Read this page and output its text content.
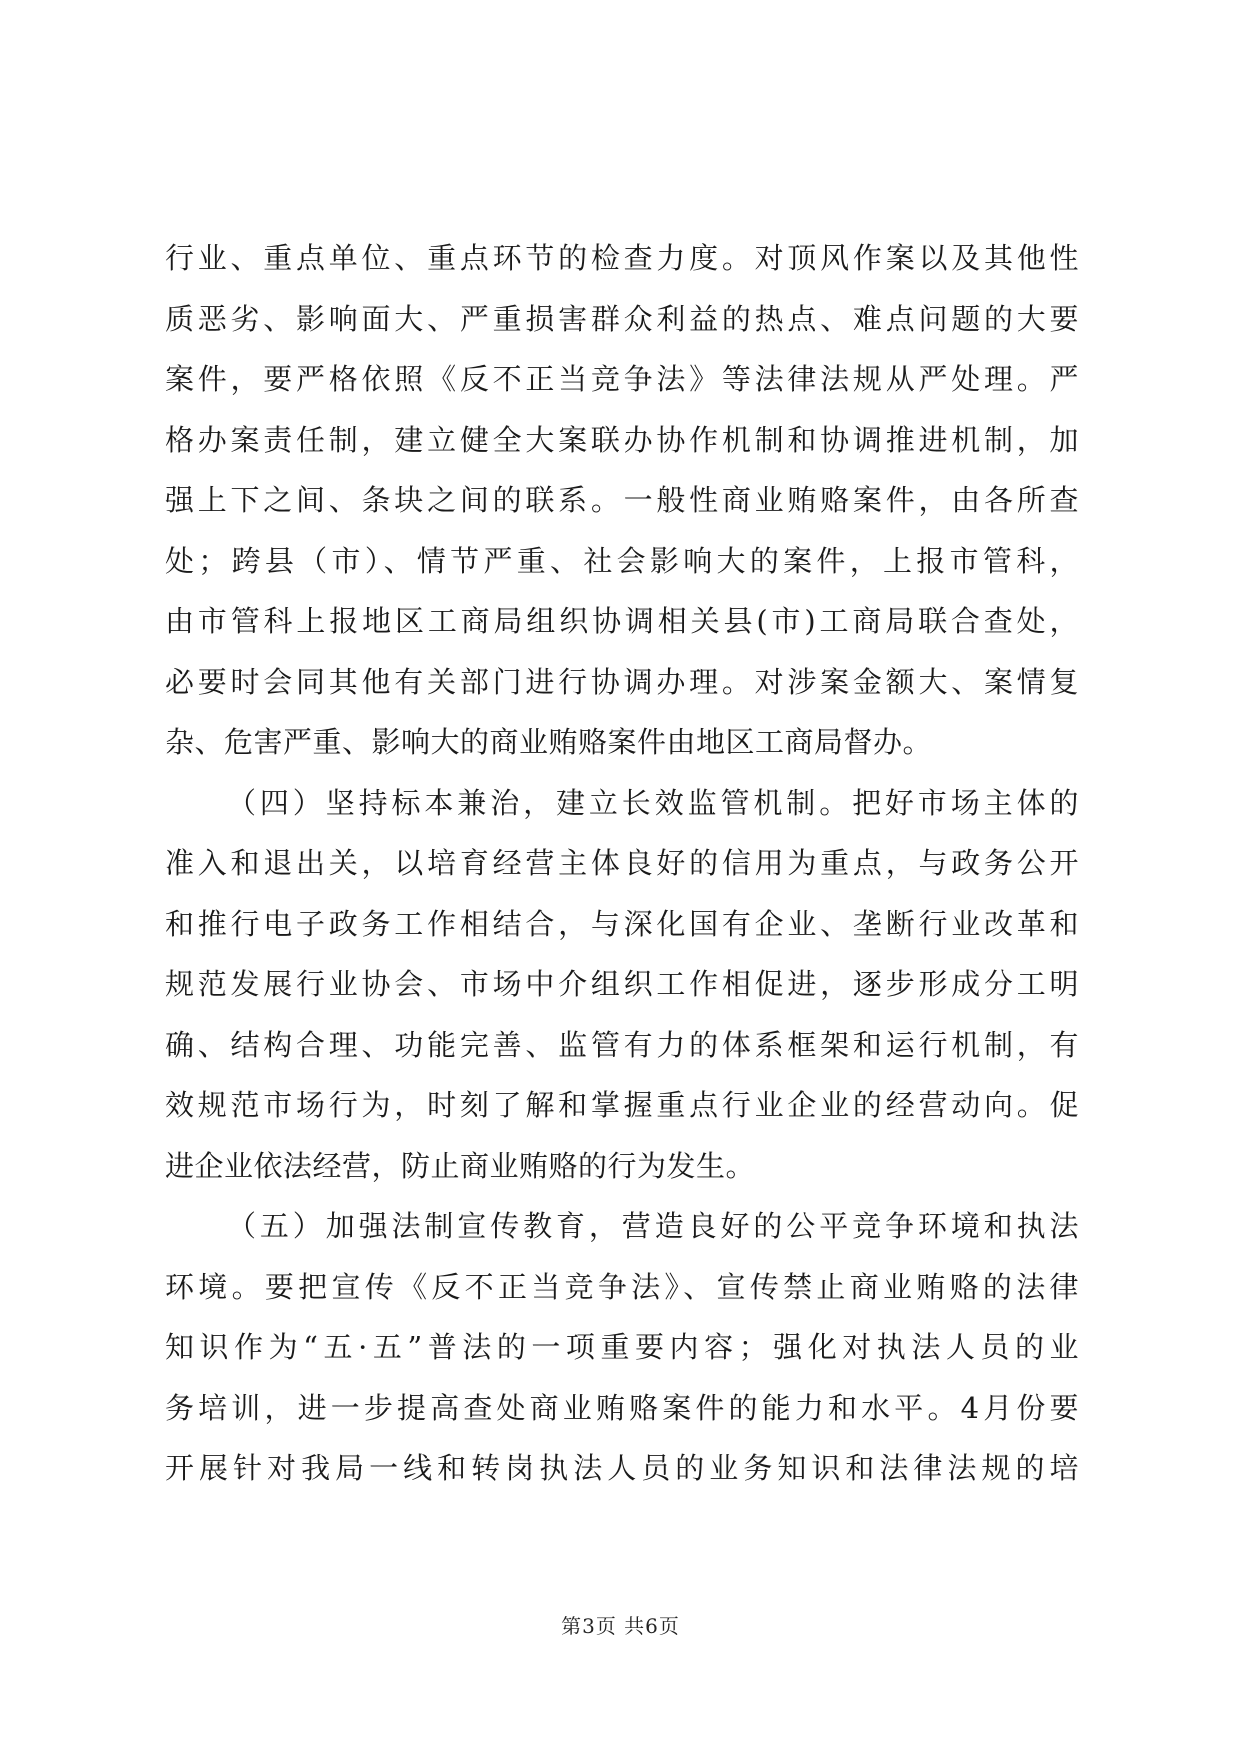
行业、重点单位、重点环节的检查力度。对顶风作案以及其他性
质恶劣、影响面大、严重损害群众利益的热点、难点问题的大要
案件，要严格依照《反不正当竞争法》等法律法规从严处理。严
格办案责任制，建立健全大案联办协作机制和协调推进机制，加
强上下之间、条块之间的联系。一般性商业贿赂案件，由各所查
处；跨县（市）、情节严重、社会影响大的案件，上报市管科，
由市管科上报地区工商局组织协调相关县(市)工商局联合查处，
必要时会同其他有关部门进行协调办理。对涉案金额大、案情复
杂、危害严重、影响大的商业贿赂案件由地区工商局督办。
（四）坚持标本兼治，建立长效监管机制。把好市场主体的
准入和退出关，以培育经营主体良好的信用为重点，与政务公开
和推行电子政务工作相结合，与深化国有企业、垄断行业改革和
规范发展行业协会、市场中介组织工作相促进，逐步形成分工明
确、结构合理、功能完善、监管有力的体系框架和运行机制，有
效规范市场行为，时刻了解和掌握重点行业企业的经营动向。促
进企业依法经营，防止商业贿赂的行为发生。
（五）加强法制宣传教育，营造良好的公平竞争环境和执法
环境。要把宣传《反不正当竞争法》、宣传禁止商业贿赂的法律
知识作为“五·五”普法的一项重要内容；强化对执法人员的业
务培训，进一步提高查处商业贿赂案件的能力和水平。4月份要
开展针对我局一线和转岗执法人员的业务知识和法律法规的培
第3页 共6页
